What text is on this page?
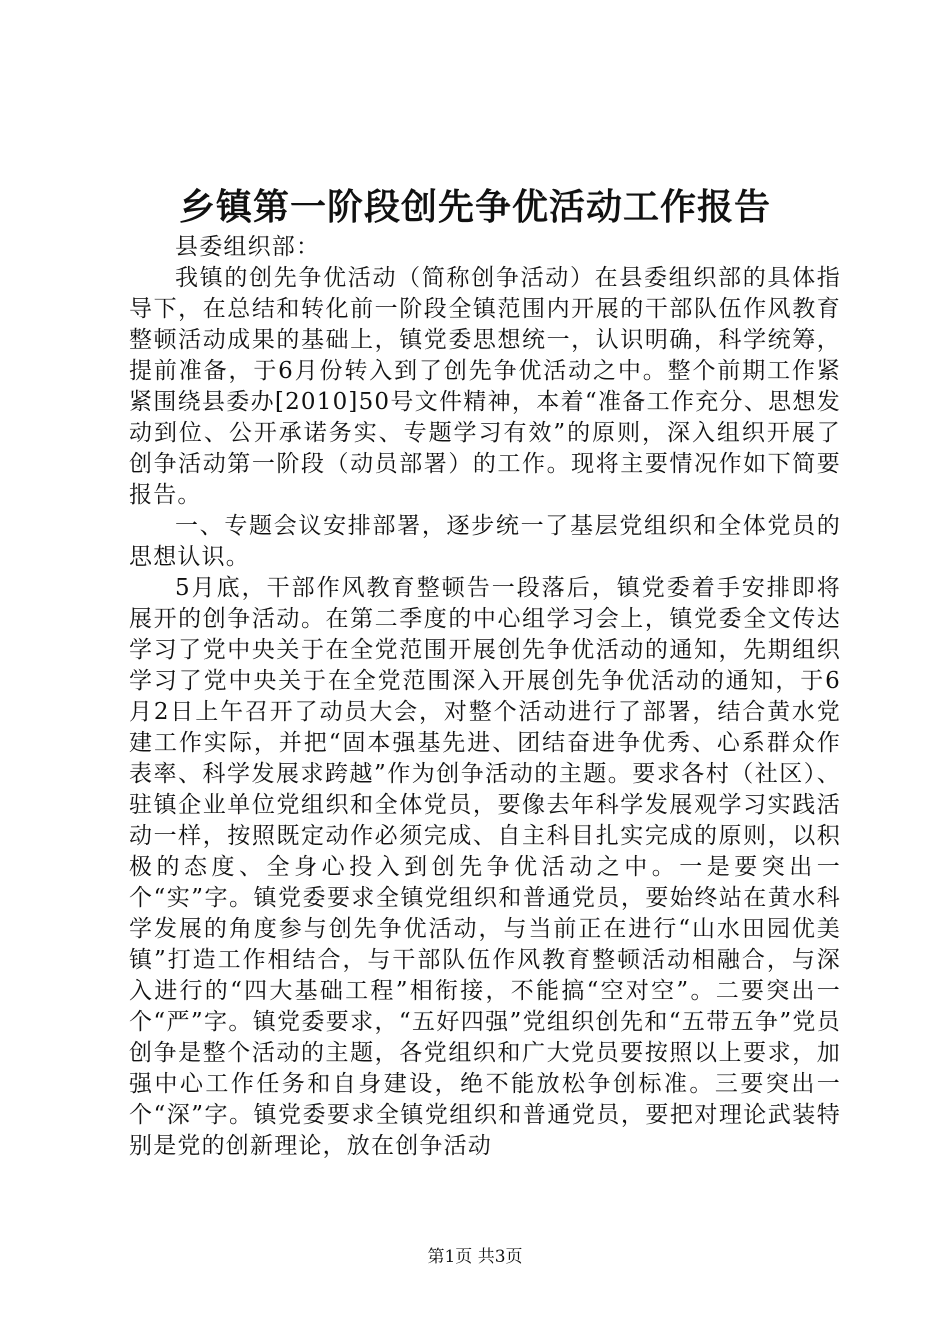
乡镇第一阶段创先争优活动工作报告

县委组织部：

我镇的创先争优活动（简称创争活动）在县委组织部的具体指导下，在总结和转化前一阶段全镇范围内开展的干部队伍作风教育整顿活动成果的基础上，镇党委思想统一，认识明确，科学统筹，提前准备，于6月份转入到了创先争优活动之中。整个前期工作紧紧围绕县委办[2010]50号文件精神，本着“准备工作充分、思想发动到位、公开承诺务实、专题学习有效”的原则，深入组织开展了创争活动第一阶段（动员部署）的工作。现将主要情况作如下简要报告。

一、专题会议安排部署，逐步统一了基层党组织和全体党员的思想认识。

5月底，干部作风教育整顿告一段落后，镇党委着手安排即将展开的创争活动。在第二季度的中心组学习会上，镇党委全文传达学习了党中央关于在全党范围开展创先争优活动的通知，先期组织学习了党中央关于在全党范围深入开展创先争优活动的通知，于6月2日上午召开了动员大会，对整个活动进行了部署，结合黄水党建工作实际，并把“固本强基先进、团结奋进争优秀、心系群众作表率、科学发展求跨越”作为创争活动的主题。要求各村（社区）、驻镇企业单位党组织和全体党员，要像去年科学发展观学习实践活动一样，按照既定动作必须完成、自主科目扎实完成的原则，以积极的态度、全身心投入到创先争优活动之中。一是要突出一个“实”字。镇党委要求全镇党组织和普通党员，要始终站在黄水科学发展的角度参与创先争优活动，与当前正在进行“山水田园优美镇”打造工作相结合，与干部队伍作风教育整顿活动相融合，与深入进行的“四大基础工程”相衔接，不能搞“空对空”。二要突出一个“严”字。镇党委要求，“五好四强”党组织创先和“五带五争”党员创争是整个活动的主题，各党组织和广大党员要按照以上要求，加强中心工作任务和自身建设，绝不能放松争创标准。三要突出一个“深”字。镇党委要求全镇党组织和普通党员，要把对理论武装特别是党的创新理论，放在创争活动

第1页 共3页
